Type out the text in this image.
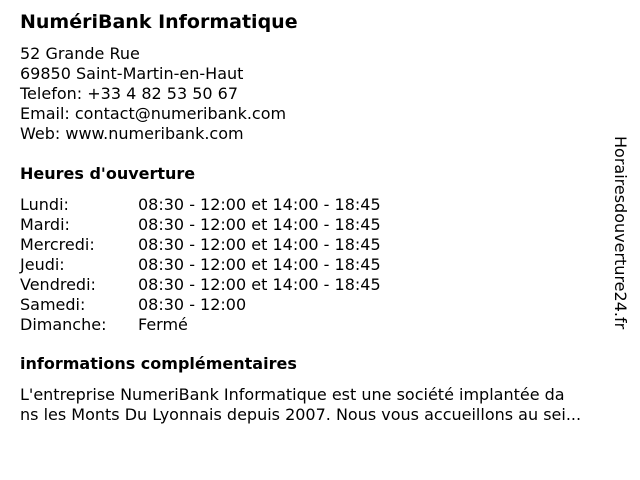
NumériBank Informatique
52 Grande Rue
69850 Saint-Martin-en-Haut
Telefon: +33 4 82 53 50 67
Email: contact@numeribank.com
Web: www.numeribank.com
Heures d'ouverture
Lundi:	08:30 - 12:00 et 14:00 - 18:45
Mardi:	08:30 - 12:00 et 14:00 - 18:45
Mercredi:	08:30 - 12:00 et 14:00 - 18:45
Jeudi:	08:30 - 12:00 et 14:00 - 18:45
Vendredi:	08:30 - 12:00 et 14:00 - 18:45
Samedi:	08:30 - 12:00
Dimanche: Fermé
informations complémentaires
L'entreprise NumeriBank Informatique est une société implantée da
ns les Monts Du Lyonnais depuis 2007. Nous vous accueillons au sei...
Horairesdouverture24.fr
